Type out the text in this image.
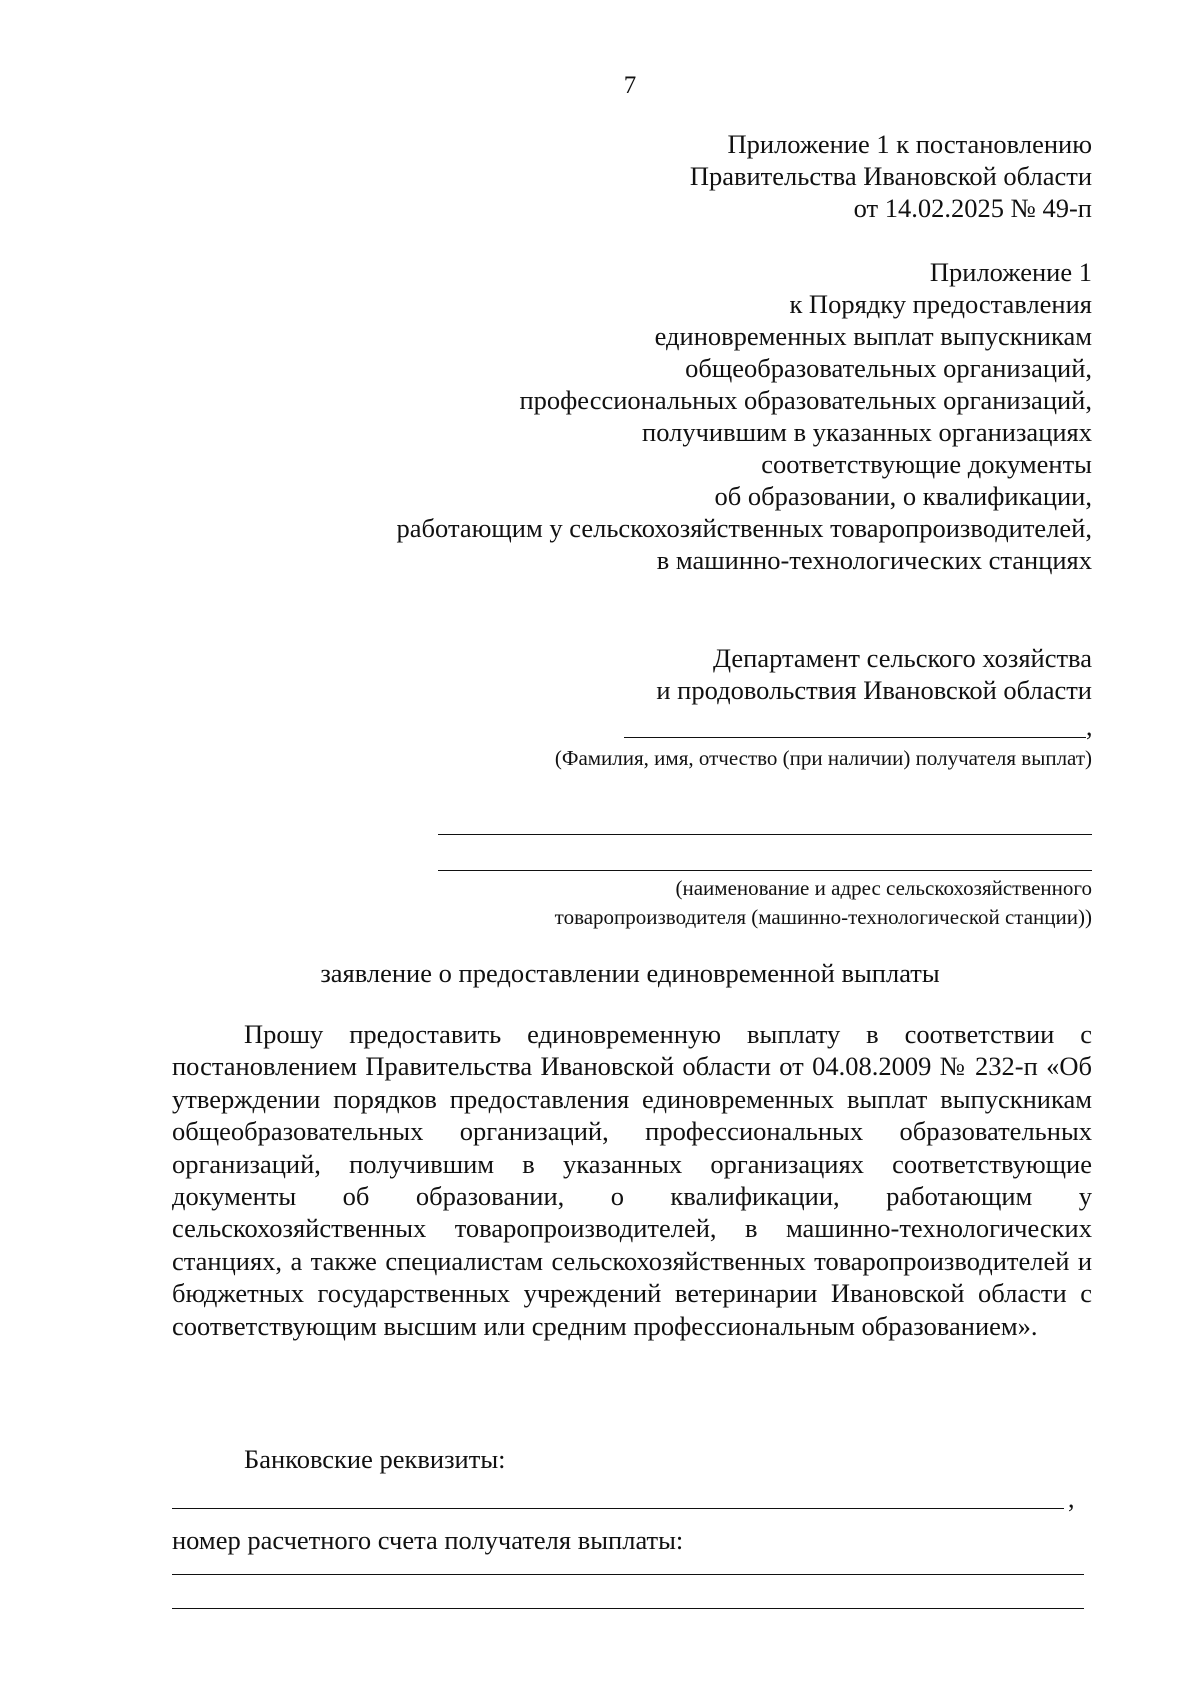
7
Приложение 1 к постановлению
Правительства Ивановской области
от 14.02.2025 № 49-п
Приложение 1
к Порядку предоставления
единовременных выплат выпускникам
общеобразовательных организаций,
профессиональных образовательных организаций,
получившим в указанных организациях
соответствующие документы
об образовании, о квалификации,
работающим у сельскохозяйственных товаропроизводителей,
в машинно-технологических станциях
Департамент сельского хозяйства
и продовольствия Ивановской области
,
(Фамилия, имя, отчество (при наличии) получателя выплат)
(наименование и адрес сельскохозяйственного
товаропроизводителя (машинно-технологической станции))
заявление о предоставлении единовременной выплаты

Прошу предоставить единовременную выплату в соответствии с постановлением Правительства Ивановской области от 04.08.2009 № 232-п «Об утверждении порядков предоставления единовременных выплат выпускникам общеобразовательных организаций, профессиональных образовательных организаций, получившим в указанных организациях соответствующие документы об образовании, о квалификации, работающим у сельскохозяйственных товаропроизводителей, в машинно-технологических станциях, а также специалистам сельскохозяйственных товаропроизводителей и бюджетных государственных учреждений ветеринарии Ивановской области с соответствующим высшим или средним профессиональным образованием».

Банковские реквизиты:
,
номер расчетного счета получателя выплаты:
